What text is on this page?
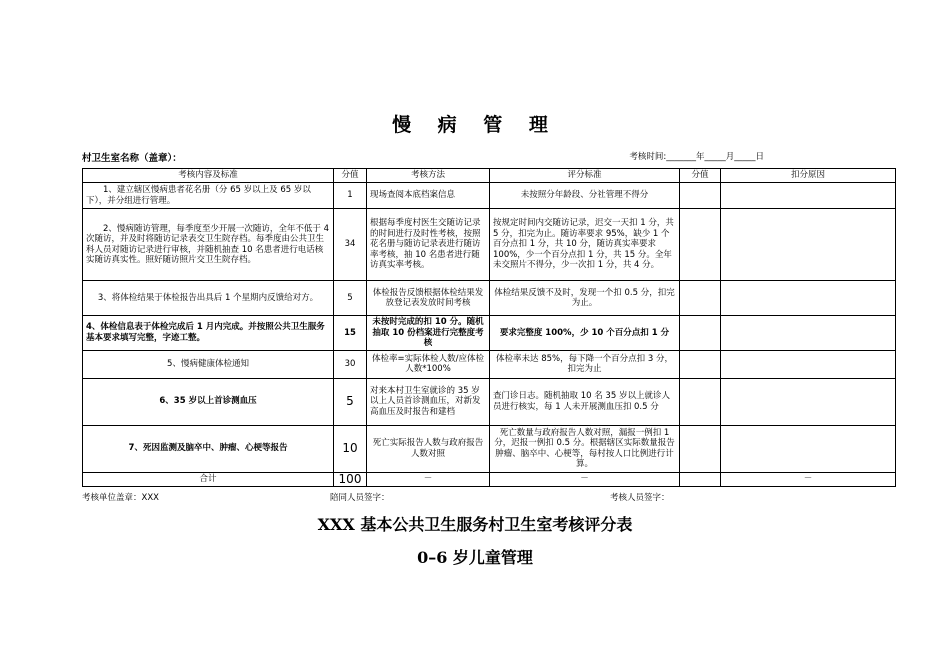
慢 病 管 理
村卫生室名称（盖章）：	考核时间:_______年_____月_____日
考核内容及标准	分值	考核方法	评分标准	分值	扣分原因
1、建立辖区慢病患者花名册（分 65 岁以上及 65 岁以下），并分组进行管理。	1	现场查阅本底档案信息	未按照分年龄段、分社管理不得分		
2、慢病随访管理，每季度至少开展一次随访，全年不低于 4 次随访，并及时将随访记录表交卫生院存档。每季度由公共卫生科人员对随访记录进行审核，并随机抽查 10 名患者进行电话核实随访真实性。照好随访照片交卫生院存档。	34	根据每季度村医生交随访记录的时间进行及时性考核，按照花名册与随访记录表进行随访率考核，抽 10 名患者进行随访真实率考核。	按规定时间内交随访记录，迟交一天扣 1 分，共 5 分，扣完为止。随访率要求 95%，缺少 1 个百分点扣 1 分，共 10 分，随访真实率要求 100%，少一个百分点扣 1 分，共 15 分。全年未交照片不得分，少一次扣 1 分，共 4 分。		
3、将体检结果于体检报告出具后 1 个星期内反馈给对方。	5	体检报告反馈根据体检结果发放登记表发放时间考核	体检结果反馈不及时，发现一个扣 0.5 分，扣完为止。		
4、体检信息表于体检完成后 1 月内完成。并按照公共卫生服务基本要求填写完整，字迹工整。	15	未按时完成的扣 10 分。随机抽取 10 份档案进行完整度考核	要求完整度 100%，少 10 个百分点扣 1 分		
5、慢病健康体检通知	30	体检率=实际体检人数/应体检人数*100%	体检率未达 85%，每下降一个百分点扣 3 分，扣完为止		
6、35 岁以上首诊测血压	5	对来本村卫生室就诊的 35 岁以上人员首诊测血压，对新发高血压及时报告和建档	查门诊日志。随机抽取 10 名 35 岁以上就诊人员进行核实，每 1 人未开展测血压扣 0.5 分		
7、死因监测及脑卒中、肿瘤、心梗等报告	10	死亡实际报告人数与政府报告人数对照	死亡数量与政府报告人数对照，漏报一例扣 1 分，迟报一例扣 0.5 分。根据辖区实际数量报告肿瘤、脑卒中、心梗等，每村按人口比例进行计算。		
合计	100	－	－		－
考核单位盖章：XXX	陪同人员签字：	考核人员签字：
XXX 基本公共卫生服务村卫生室考核评分表
0–6 岁儿童管理
